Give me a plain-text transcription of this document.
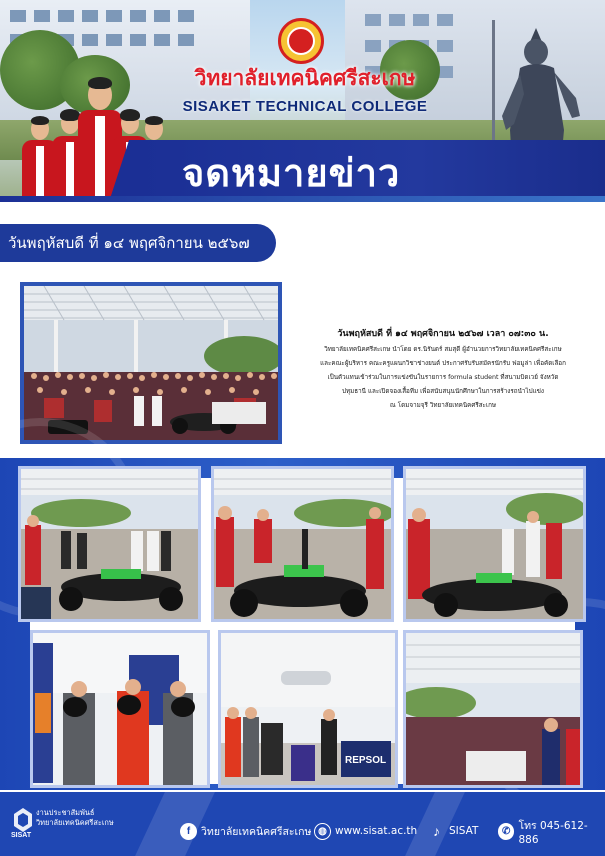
วิทยาลัยเทคนิคศรีสะเกษ
SISAKET TECHNICAL COLLEGE
จดหมายข่าว
วันพฤหัสบดี ที่ ๑๔ พฤศจิกายน ๒๕๖๗
วันพฤหัสบดี ที่ ๑๔ พฤศจิกายน ๒๕๖๗ เวลา ๐๗:๓๐ น.
วิทยาลัยเทคนิคศรีสะเกษ นำโดย ดร.นิรันดร์ สมสุดี ผู้อำนวยการวิทยาลัยเทคนิคศรีสะเกษ
และคณะผู้บริหาร คณะครูแผนกวิชาช่างยนต์ ประกาศรับรับสมัครนักรับ ฟอมูล่า เพื่อคัดเลือก
เป็นตัวแทนเข้าร่วมในการแข่งขันในรายการ formula student ที่สนามบิดเวย์ จังหวัด
ปทุมธานี และเปิดจองเสื้อทีม เพื่อสนับสนุนนักศึกษาในการสร้างรถนำไปแข่ง
ณ โดมจามจุรี วิทยาลัยเทคนิคศรีสะเกษ
REPSOL
SISAT
งานประชาสัมพันธ์
วิทยาลัยเทคนิคศรีสะเกษ
f	วิทยาลัยเทคนิคศรีสะเกษ ◍ www.sisat.ac.th	♪ SISAT	✆ โทร 045-612-886
